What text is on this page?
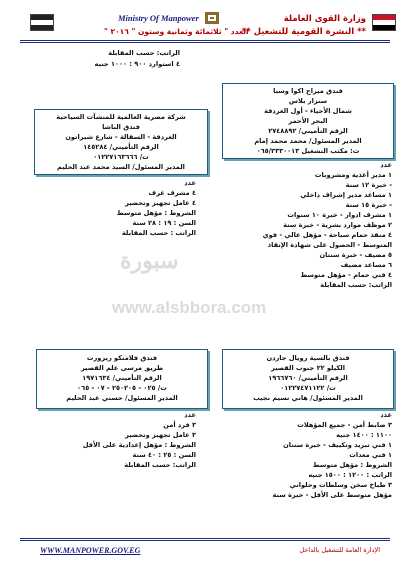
وزارة القوى العاملة
** النشرة القومية للتشغيل **
Ministry Of Manpower
العدد " ثلاثمائة وثمانية وستون " ٢٠١٦ "
الراتب: حسب المقابلة
٤ استوارد ٩٠٠ : ١٠٠٠ جنيه
فندق ميراج اكوا وسبا
سنزار بلاس
شمال الأحياء - أول الغردقة
البحر الأحمر
الرقم التأميني/ ٢٧٤٨٨٩٢
المدير المسئول/ محمد محمد إمام
ت: مكتب التشغيل ٠٦٥/٣٣٣٠٠١٣
شركة مصرية العالمية للمنشآت السياحية
فندق الباشا
الغردقة - السقالة - شارع شيراتون
الرقم التأميني/ ١٤٥٢٨٤
ت/ ٠١٢٢٧١٦٣٦٦٦
المدير المسئول/ السيد محمد عبد الحليم
عدد
٤ مشرف غرف
٤ عامل تجهيز وتحضير
الشروط : مؤهل متوسط
السن : ١٩ : ٢٨ سنة
الراتب : حسب المقابلة
عدد
١ مدير أغذية ومشروبات
- خبرة ١٢ سنة
١ مساعد مدير إشراف داخلي
- خبرة ١٥ سنة
١ مشرف ادوار - خبرة ١٠ سنوات
٢ موظف موارد بشرية - خبرة سنة
٤ منقذ حمام سباحة - مؤهل عالي - قوي
المتوسط - الحصول على شهادة الإنقاذ
٥ مضيف - خبرة سنتان
٦ مساعد مضيف
٤ فني حمام - مؤهل متوسط
الراتب: حسب المقابلة
سبورة
www.alsbbora.com
فندق فلامنكو ريزورت
طريق مرسى علم القصير
الرقم التأميني/ ١٩٧١٦٣٤
ت/ ٠٢٥ - ٢٥٠٢٠٥ - ٠٧ - ٠٦٥
المدير المسئول/ حسني عبد الحليم
فندق بالسية رويال جاردن
الكيلو ٢٢ جنوب القصير
الرقم التأميني/ ١٩٦٦٧٦٠
ت/ ٠١٢٢٧٤٧١١٢٢
المدير المسئول/ هاني نسيم نجيب
عدد
٣ ضابط أمن - جميع المؤهلات
١١٠٠ : ١٤٠٠ جنيه
١ فني تبريد وتكييف - خبرة سنتان
١ فني معدات
الشروط : مؤهل متوسط
الراتب : ١٢٠٠ : ١٥٠٠ جنيه
٣ طباخ سخن وسلطات وحلواني
مؤهل متوسط على الأقل - خبرة سنة
عدد
٣ فرد أمن
٣ عامل تجهيز وتحضير
الشروط : مؤهل إعدادية على الأقل
السن : ٢٥ : ٤٠ سنة
الراتب: حسب المقابلة
WWW.MANPOWER.GOV.EG	الإدارة العامة للتشغيل بالداخل
